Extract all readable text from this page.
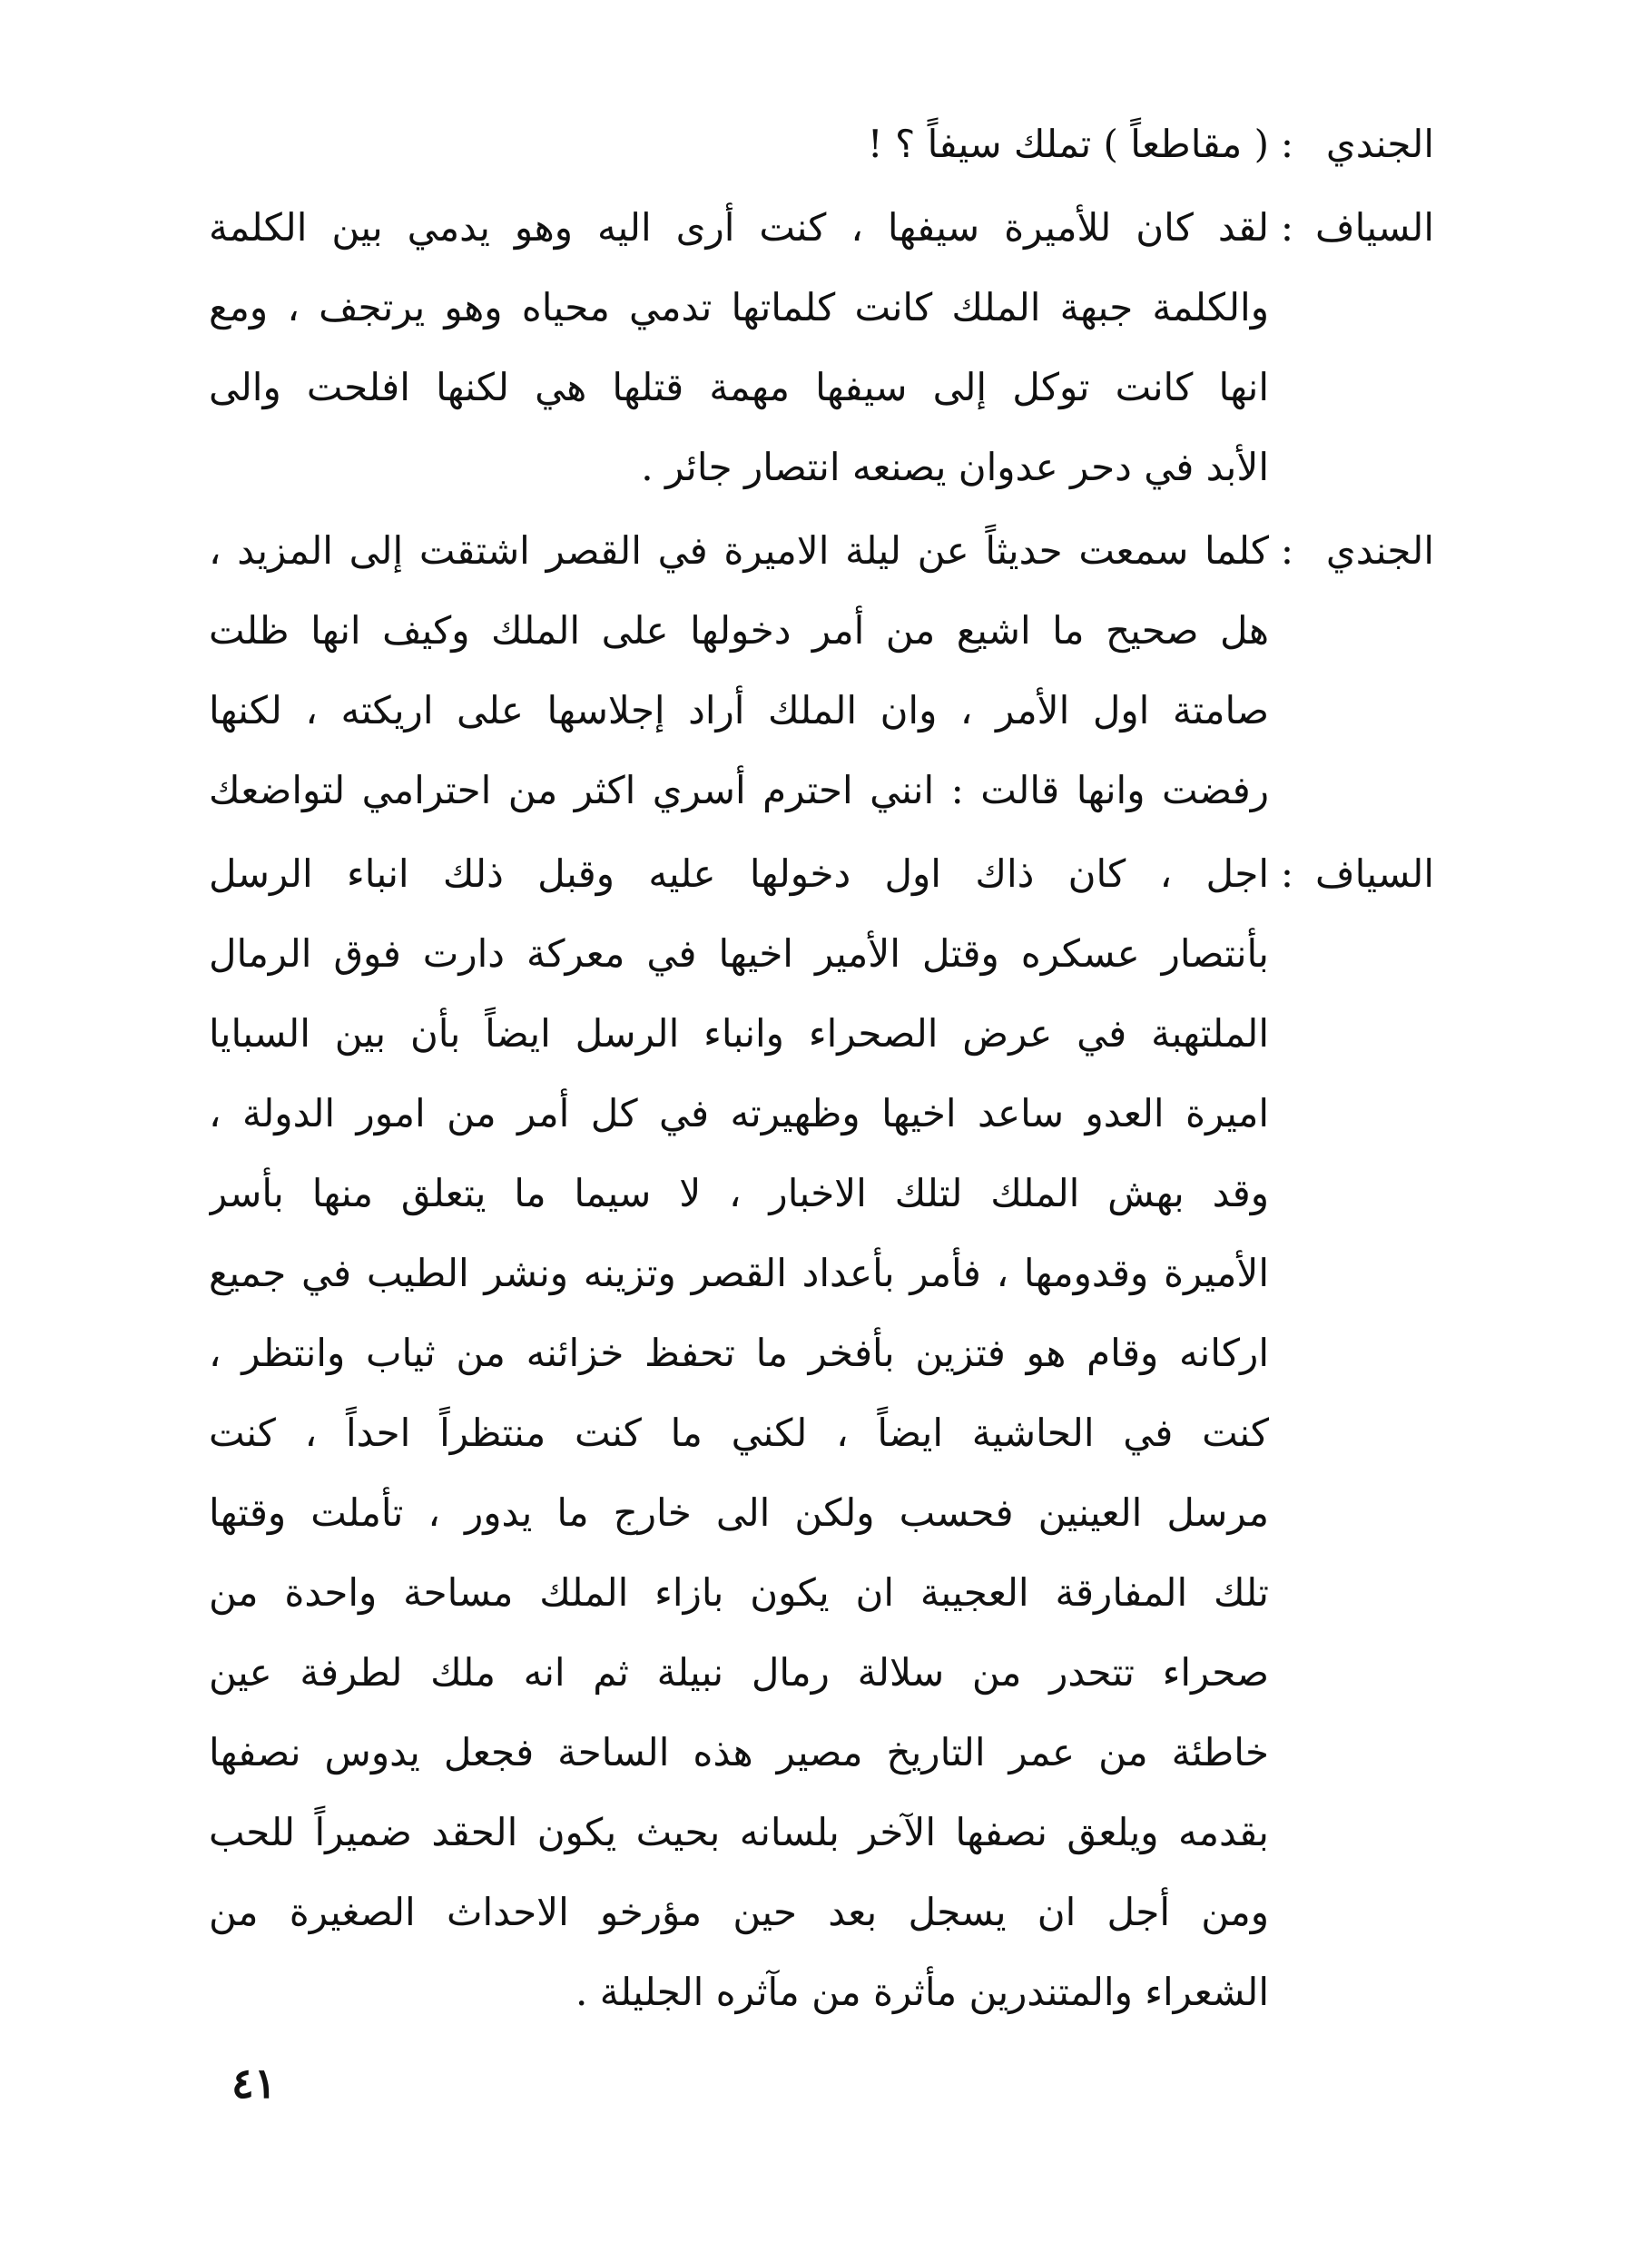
الجندي
:
( مقاطعاً ) تملك سيفاً ؟ !
السياف
:
لقد كان للأميرة سيفها ، كنت أرى اليه وهو يدمي بين الكلمة
والكلمة جبهة الملك كانت كلماتها تدمي محياه وهو يرتجف ، ومع
انها كانت توكل إلى سيفها مهمة قتلها هي لكنها افلحت والى
الأبد في دحر عدوان يصنعه انتصار جائر .
الجندي
:
كلما سمعت حديثاً عن ليلة الاميرة في القصر اشتقت إلى المزيد ،
هل صحيح ما اشيع من أمر دخولها على الملك وكيف انها ظلت
صامتة اول الأمر ، وان الملك أراد إجلاسها على اريكته ، لكنها
رفضت وانها قالت : انني احترم أسري اكثر من احترامي لتواضعك
السياف
:
اجل ، كان ذاك اول دخولها عليه وقبل ذلك انباء الرسل
بأنتصار عسكره وقتل الأمير اخيها في معركة دارت فوق الرمال
الملتهبة في عرض الصحراء وانباء الرسل ايضاً بأن بين السبايا
اميرة العدو ساعد اخيها وظهيرته في كل أمر من امور الدولة ،
وقد بهش الملك لتلك الاخبار ، لا سيما ما يتعلق منها بأسر
الأميرة وقدومها ، فأمر بأعداد القصر وتزينه ونشر الطيب في جميع
اركانه وقام هو فتزين بأفخر ما تحفظ خزائنه من ثياب وانتظر ،
كنت في الحاشية ايضاً ، لكني ما كنت منتظراً احداً ، كنت
مرسل العينين فحسب ولكن الى خارج ما يدور ، تأملت وقتها
تلك المفارقة العجيبة ان يكون بازاء الملك مساحة واحدة من
صحراء تتحدر من سلالة رمال نبيلة ثم انه ملك لطرفة عين
خاطئة من عمر التاريخ مصير هذه الساحة فجعل يدوس نصفها
بقدمه ويلعق نصفها الآخر بلسانه بحيث يكون الحقد ضميراً للحب
ومن أجل ان يسجل بعد حين مؤرخو الاحداث الصغيرة من
الشعراء والمتندرين مأثرة من مآثره الجليلة .
٤١
